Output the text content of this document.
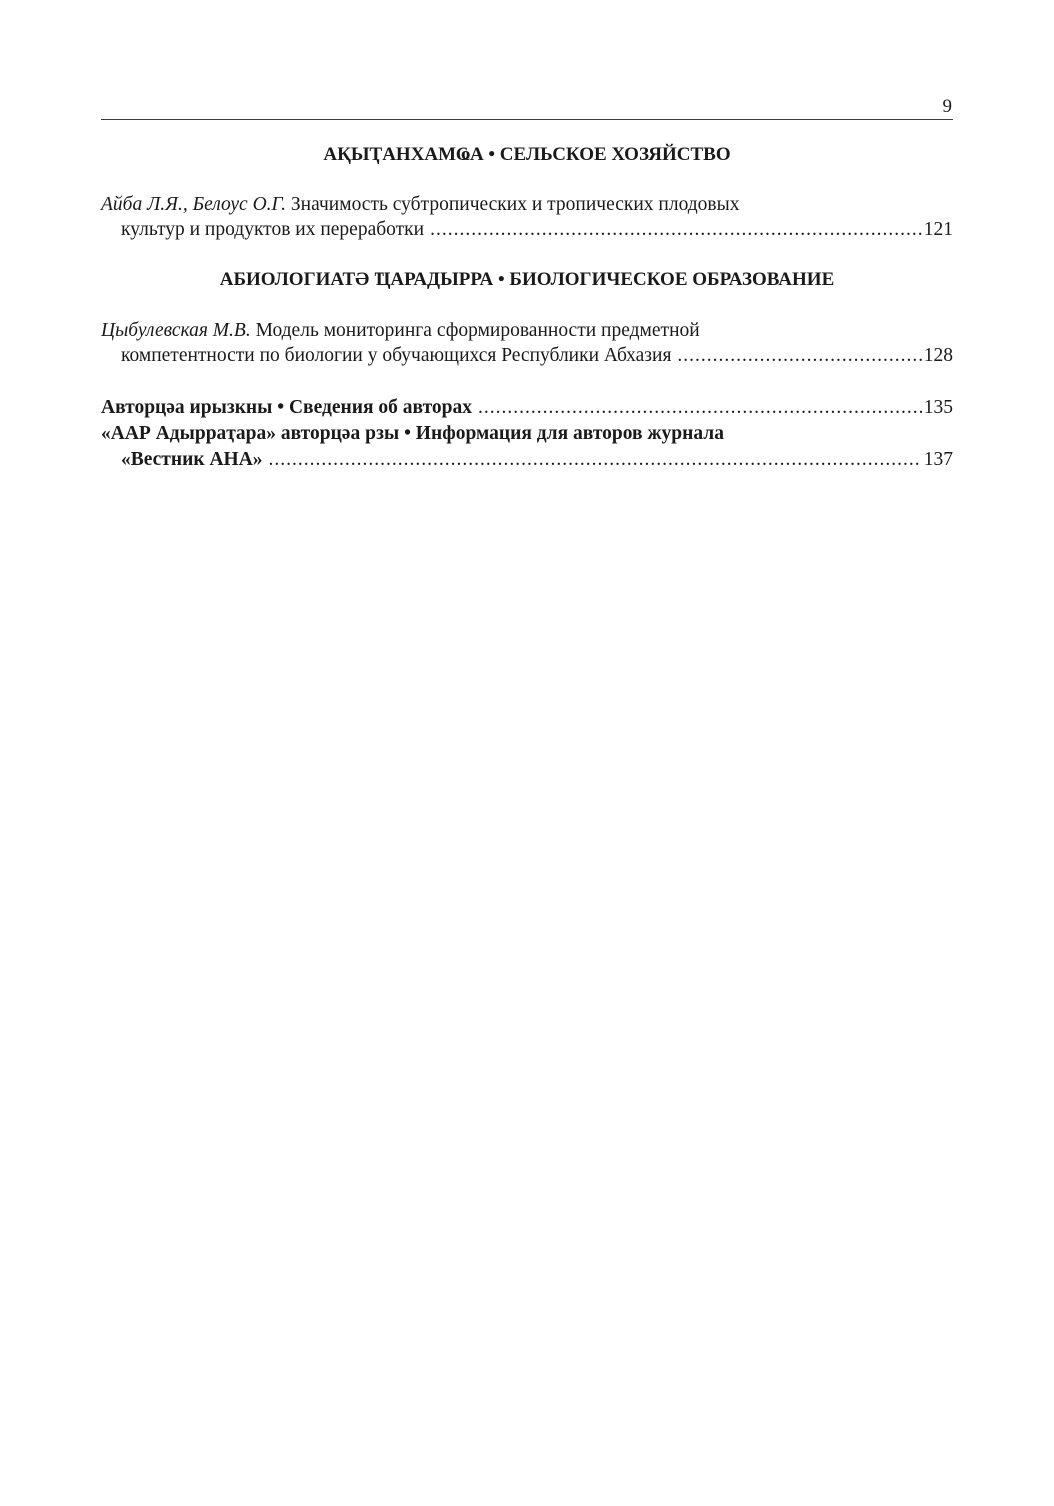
9
АҚЫҬАНХАМҨА • СЕЛЬСКОЕ ХОЗЯЙСТВО
Айба Л.Я., Белоус О.Г. Значимость субтропических и тропических плодовых
культур и продуктов их переработки .....	121
АБИОЛОГИАТӘ ҴАРАДЫРРА • БИОЛОГИЧЕСКОЕ ОБРАЗОВАНИЕ
Цыбулевская М.В. Модель мониторинга сформированности предметной
компетентности по биологии у обучающихся Республики Абхазия .....	128
Авторцәа ирызкны • Сведения об авторах .....	135
«ААР Адырраҭара» авторцәа рзы • Информация для авторов журнала
«Вестник АНА» .....	137
